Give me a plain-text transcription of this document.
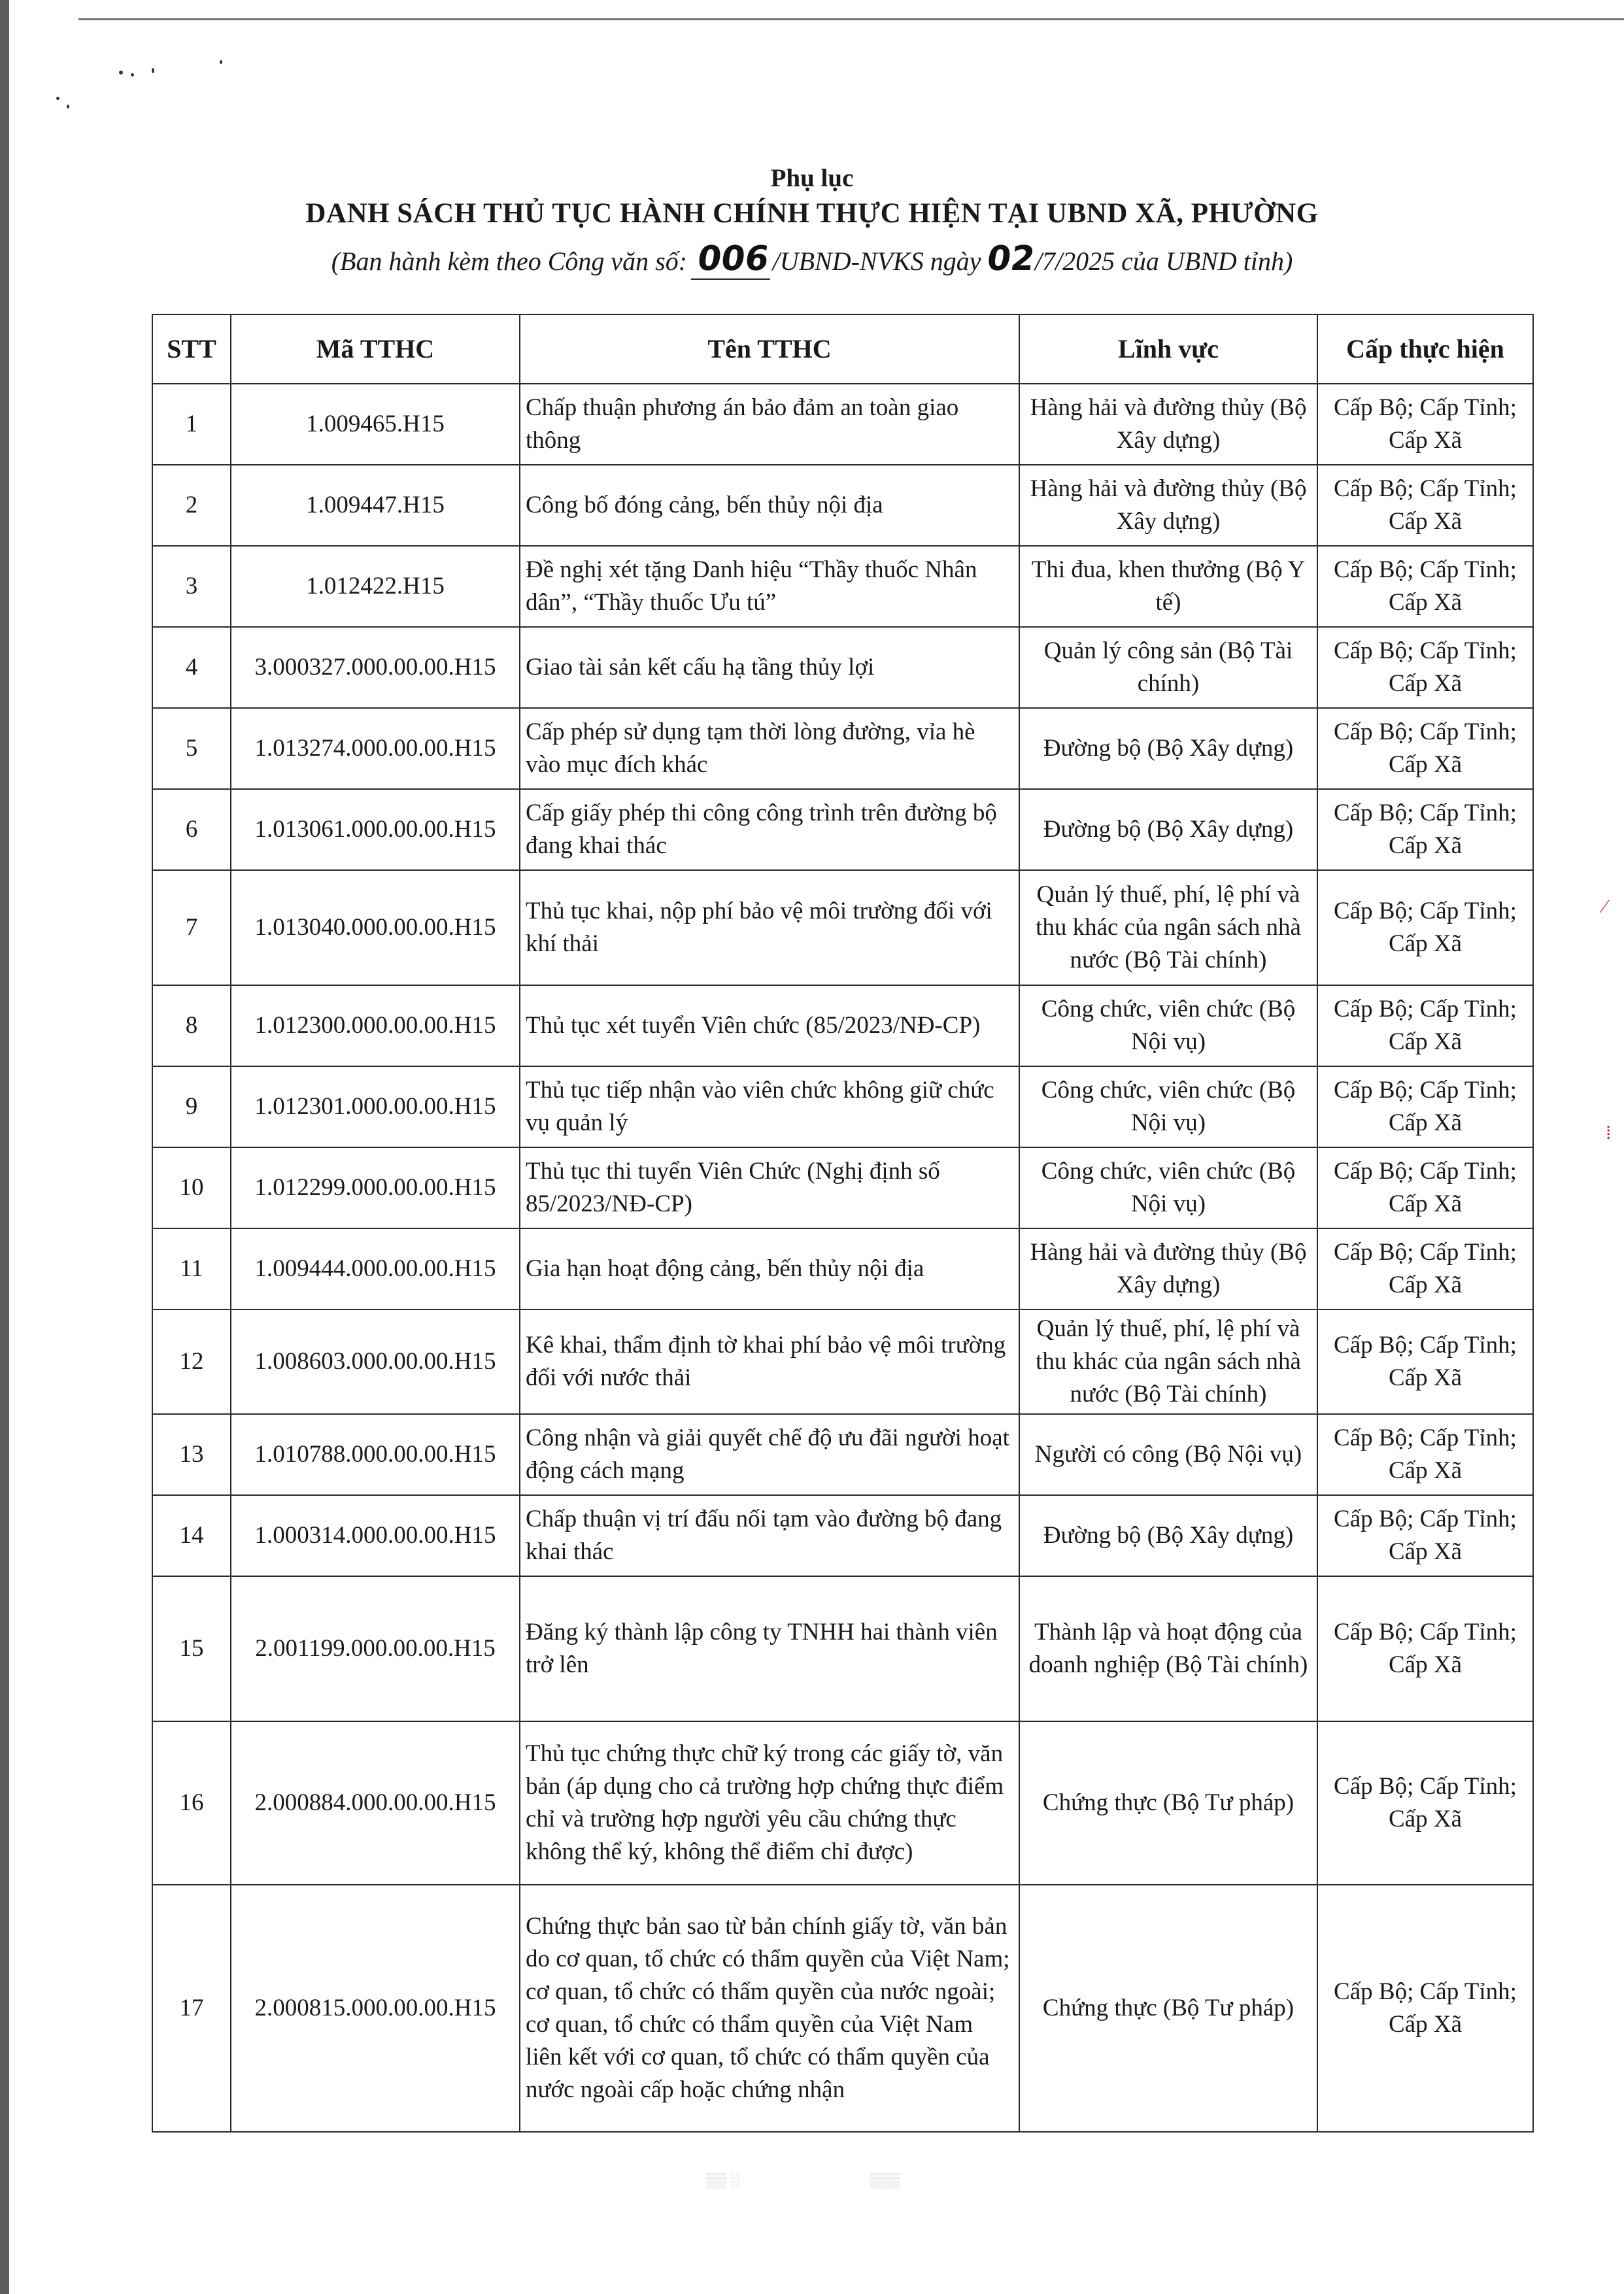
Phụ lục
DANH SÁCH THỦ TỤC HÀNH CHÍNH THỰC HIỆN TẠI UBND XÃ, PHƯỜNG
(Ban hành kèm theo Công văn số: 006/UBND-NVKS ngày 02/7/2025 của UBND tỉnh)
STT	Mã TTHC	Tên TTHC	Lĩnh vực	Cấp thực hiện
1	1.009465.H15	Chấp thuận phương án bảo đảm an toàn giao thông	Hàng hải và đường thủy (Bộ Xây dựng)	Cấp Bộ; Cấp Tỉnh; Cấp Xã
2	1.009447.H15	Công bố đóng cảng, bến thủy nội địa	Hàng hải và đường thủy (Bộ Xây dựng)	Cấp Bộ; Cấp Tỉnh; Cấp Xã
3	1.012422.H15	Đề nghị xét tặng Danh hiệu “Thầy thuốc Nhân dân”, “Thầy thuốc Ưu tú”	Thi đua, khen thưởng (Bộ Y tế)	Cấp Bộ; Cấp Tỉnh; Cấp Xã
4	3.000327.000.00.00.H15	Giao tài sản kết cấu hạ tầng thủy lợi	Quản lý công sản (Bộ Tài chính)	Cấp Bộ; Cấp Tỉnh; Cấp Xã
5	1.013274.000.00.00.H15	Cấp phép sử dụng tạm thời lòng đường, vỉa hè vào mục đích khác	Đường bộ (Bộ Xây dựng)	Cấp Bộ; Cấp Tỉnh; Cấp Xã
6	1.013061.000.00.00.H15	Cấp giấy phép thi công công trình trên đường bộ đang khai thác	Đường bộ (Bộ Xây dựng)	Cấp Bộ; Cấp Tỉnh; Cấp Xã
7	1.013040.000.00.00.H15	Thủ tục khai, nộp phí bảo vệ môi trường đối với khí thải	Quản lý thuế, phí, lệ phí và thu khác của ngân sách nhà nước (Bộ Tài chính)	Cấp Bộ; Cấp Tỉnh; Cấp Xã
8	1.012300.000.00.00.H15	Thủ tục xét tuyển Viên chức (85/2023/NĐ-CP)	Công chức, viên chức (Bộ Nội vụ)	Cấp Bộ; Cấp Tỉnh; Cấp Xã
9	1.012301.000.00.00.H15	Thủ tục tiếp nhận vào viên chức không giữ chức vụ quản lý	Công chức, viên chức (Bộ Nội vụ)	Cấp Bộ; Cấp Tỉnh; Cấp Xã
10	1.012299.000.00.00.H15	Thủ tục thi tuyển Viên Chức (Nghị định số 85/2023/NĐ-CP)	Công chức, viên chức (Bộ Nội vụ)	Cấp Bộ; Cấp Tỉnh; Cấp Xã
11	1.009444.000.00.00.H15	Gia hạn hoạt động cảng, bến thủy nội địa	Hàng hải và đường thủy (Bộ Xây dựng)	Cấp Bộ; Cấp Tỉnh; Cấp Xã
12	1.008603.000.00.00.H15	Kê khai, thẩm định tờ khai phí bảo vệ môi trường đối với nước thải	Quản lý thuế, phí, lệ phí và thu khác của ngân sách nhà nước (Bộ Tài chính)	Cấp Bộ; Cấp Tỉnh; Cấp Xã
13	1.010788.000.00.00.H15	Công nhận và giải quyết chế độ ưu đãi người hoạt động cách mạng	Người có công (Bộ Nội vụ)	Cấp Bộ; Cấp Tỉnh; Cấp Xã
14	1.000314.000.00.00.H15	Chấp thuận vị trí đấu nối tạm vào đường bộ đang khai thác	Đường bộ (Bộ Xây dựng)	Cấp Bộ; Cấp Tỉnh; Cấp Xã
15	2.001199.000.00.00.H15	Đăng ký thành lập công ty TNHH hai thành viên trở lên	Thành lập và hoạt động của doanh nghiệp (Bộ Tài chính)	Cấp Bộ; Cấp Tỉnh; Cấp Xã
16	2.000884.000.00.00.H15	Thủ tục chứng thực chữ ký trong các giấy tờ, văn bản (áp dụng cho cả trường hợp chứng thực điểm chỉ và trường hợp người yêu cầu chứng thực không thể ký, không thể điểm chỉ được)	Chứng thực (Bộ Tư pháp)	Cấp Bộ; Cấp Tỉnh; Cấp Xã
17	2.000815.000.00.00.H15	Chứng thực bản sao từ bản chính giấy tờ, văn bản do cơ quan, tổ chức có thẩm quyền của Việt Nam; cơ quan, tổ chức có thẩm quyền của nước ngoài; cơ quan, tổ chức có thẩm quyền của Việt Nam liên kết với cơ quan, tổ chức có thẩm quyền của nước ngoài cấp hoặc chứng nhận	Chứng thực (Bộ Tư pháp)	Cấp Bộ; Cấp Tỉnh; Cấp Xã
▒▒ ░	▒▒▒
⁄
⁞
